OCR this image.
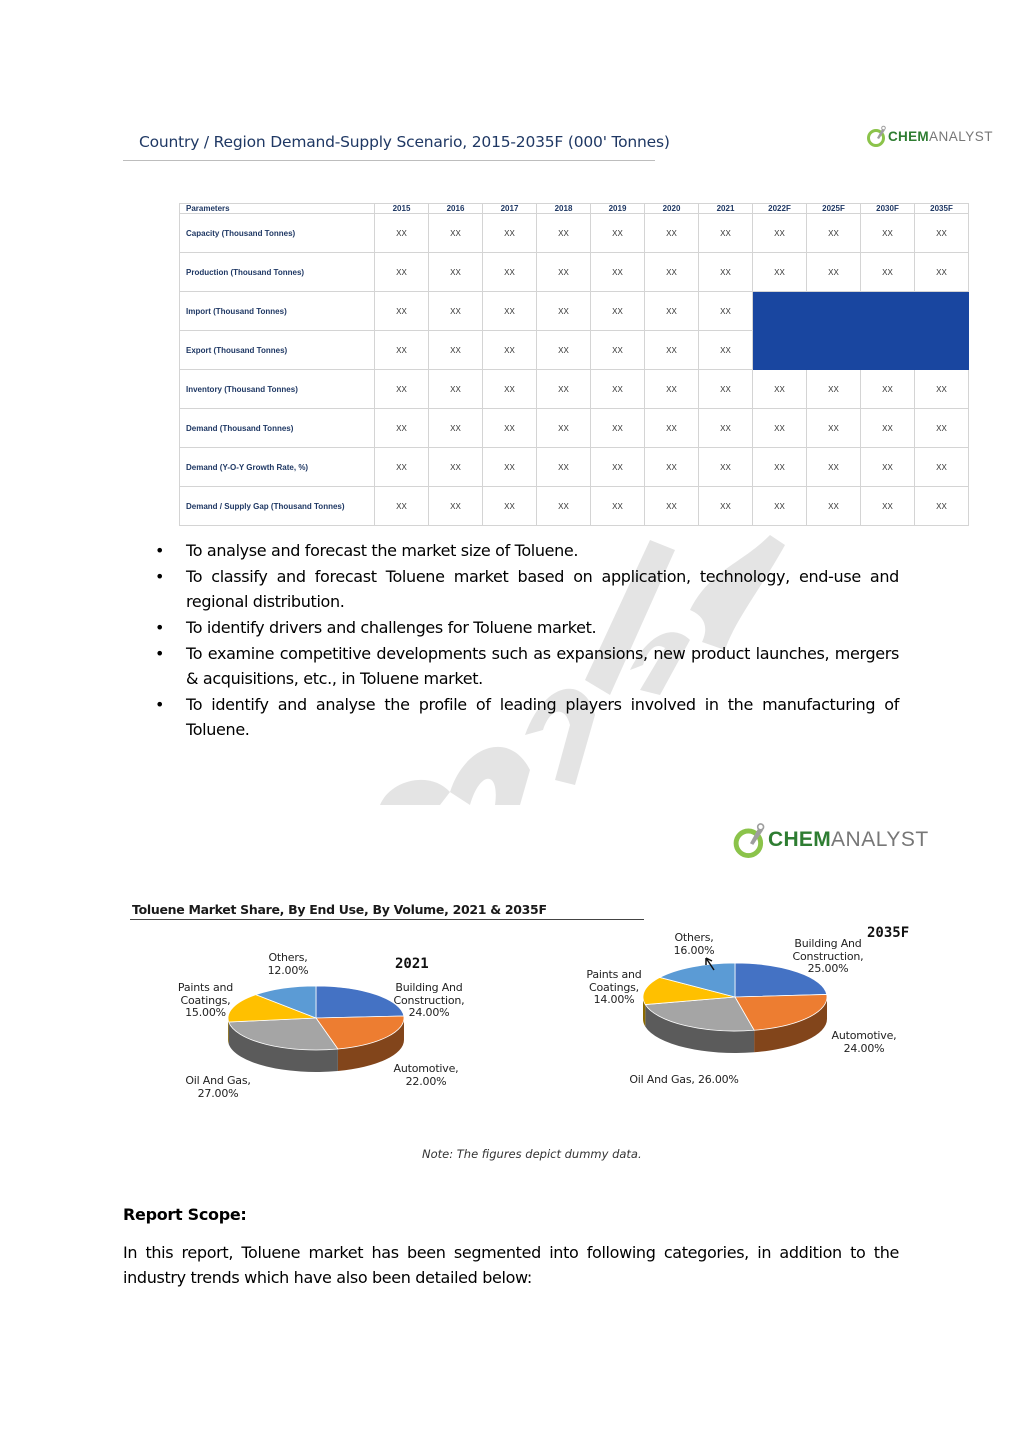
Country / Region Demand-Supply Scenario, 2015-2035F (000' Tonnes)	CHEM ANALYST
Parameters	2015	2016	2017	2018	2019	2020	2021	2022F	2025F	2030F	2035F
Capacity (Thousand Tonnes)	XX	XX	XX	XX	XX	XX	XX	XX	XX	XX	XX
Production (Thousand Tonnes)	XX	XX	XX	XX	XX	XX	XX	XX	XX	XX	XX
Import (Thousand Tonnes)	XX	XX	XX	XX	XX	XX	XX				
Export (Thousand Tonnes)	XX	XX	XX	XX	XX	XX	XX				
Inventory (Thousand Tonnes)	XX	XX	XX	XX	XX	XX	XX	XX	XX	XX	XX
Demand (Thousand Tonnes)	XX	XX	XX	XX	XX	XX	XX	XX	XX	XX	XX
Demand (Y-O-Y Growth Rate, %)	XX	XX	XX	XX	XX	XX	XX	XX	XX	XX	XX
Demand / Supply Gap (Thousand Tonnes)	XX	XX	XX	XX	XX	XX	XX	XX	XX	XX	XX
• To analyse and forecast the market size of Toluene.
• To classify and forecast Toluene market based on application, technology, end-use and regional distribution.
• To identify drivers and challenges for Toluene market.
• To examine competitive developments such as expansions, new product launches, mergers & acquisitions, etc., in Toluene market.
• To identify and analyse the profile of leading players involved in the manufacturing of Toluene.
CHEM ANALYST
Toluene Market Share, By End Use, By Volume, 2021 & 2035F
2021
2035F
Others,
12.00%
Paints and
Coatings,
15.00%
Building And
Construction,
24.00%
Automotive,
22.00%
Oil And Gas,
27.00%
Others,
16.00%
Paints and
Coatings,
14.00%
Building And
Construction,
25.00%
Automotive,
24.00%
Oil And Gas, 26.00%
Note: The figures depict dummy data.
Report Scope:
In this report, Toluene market has been segmented into following categories, in addition to the industry trends which have also been detailed below:
